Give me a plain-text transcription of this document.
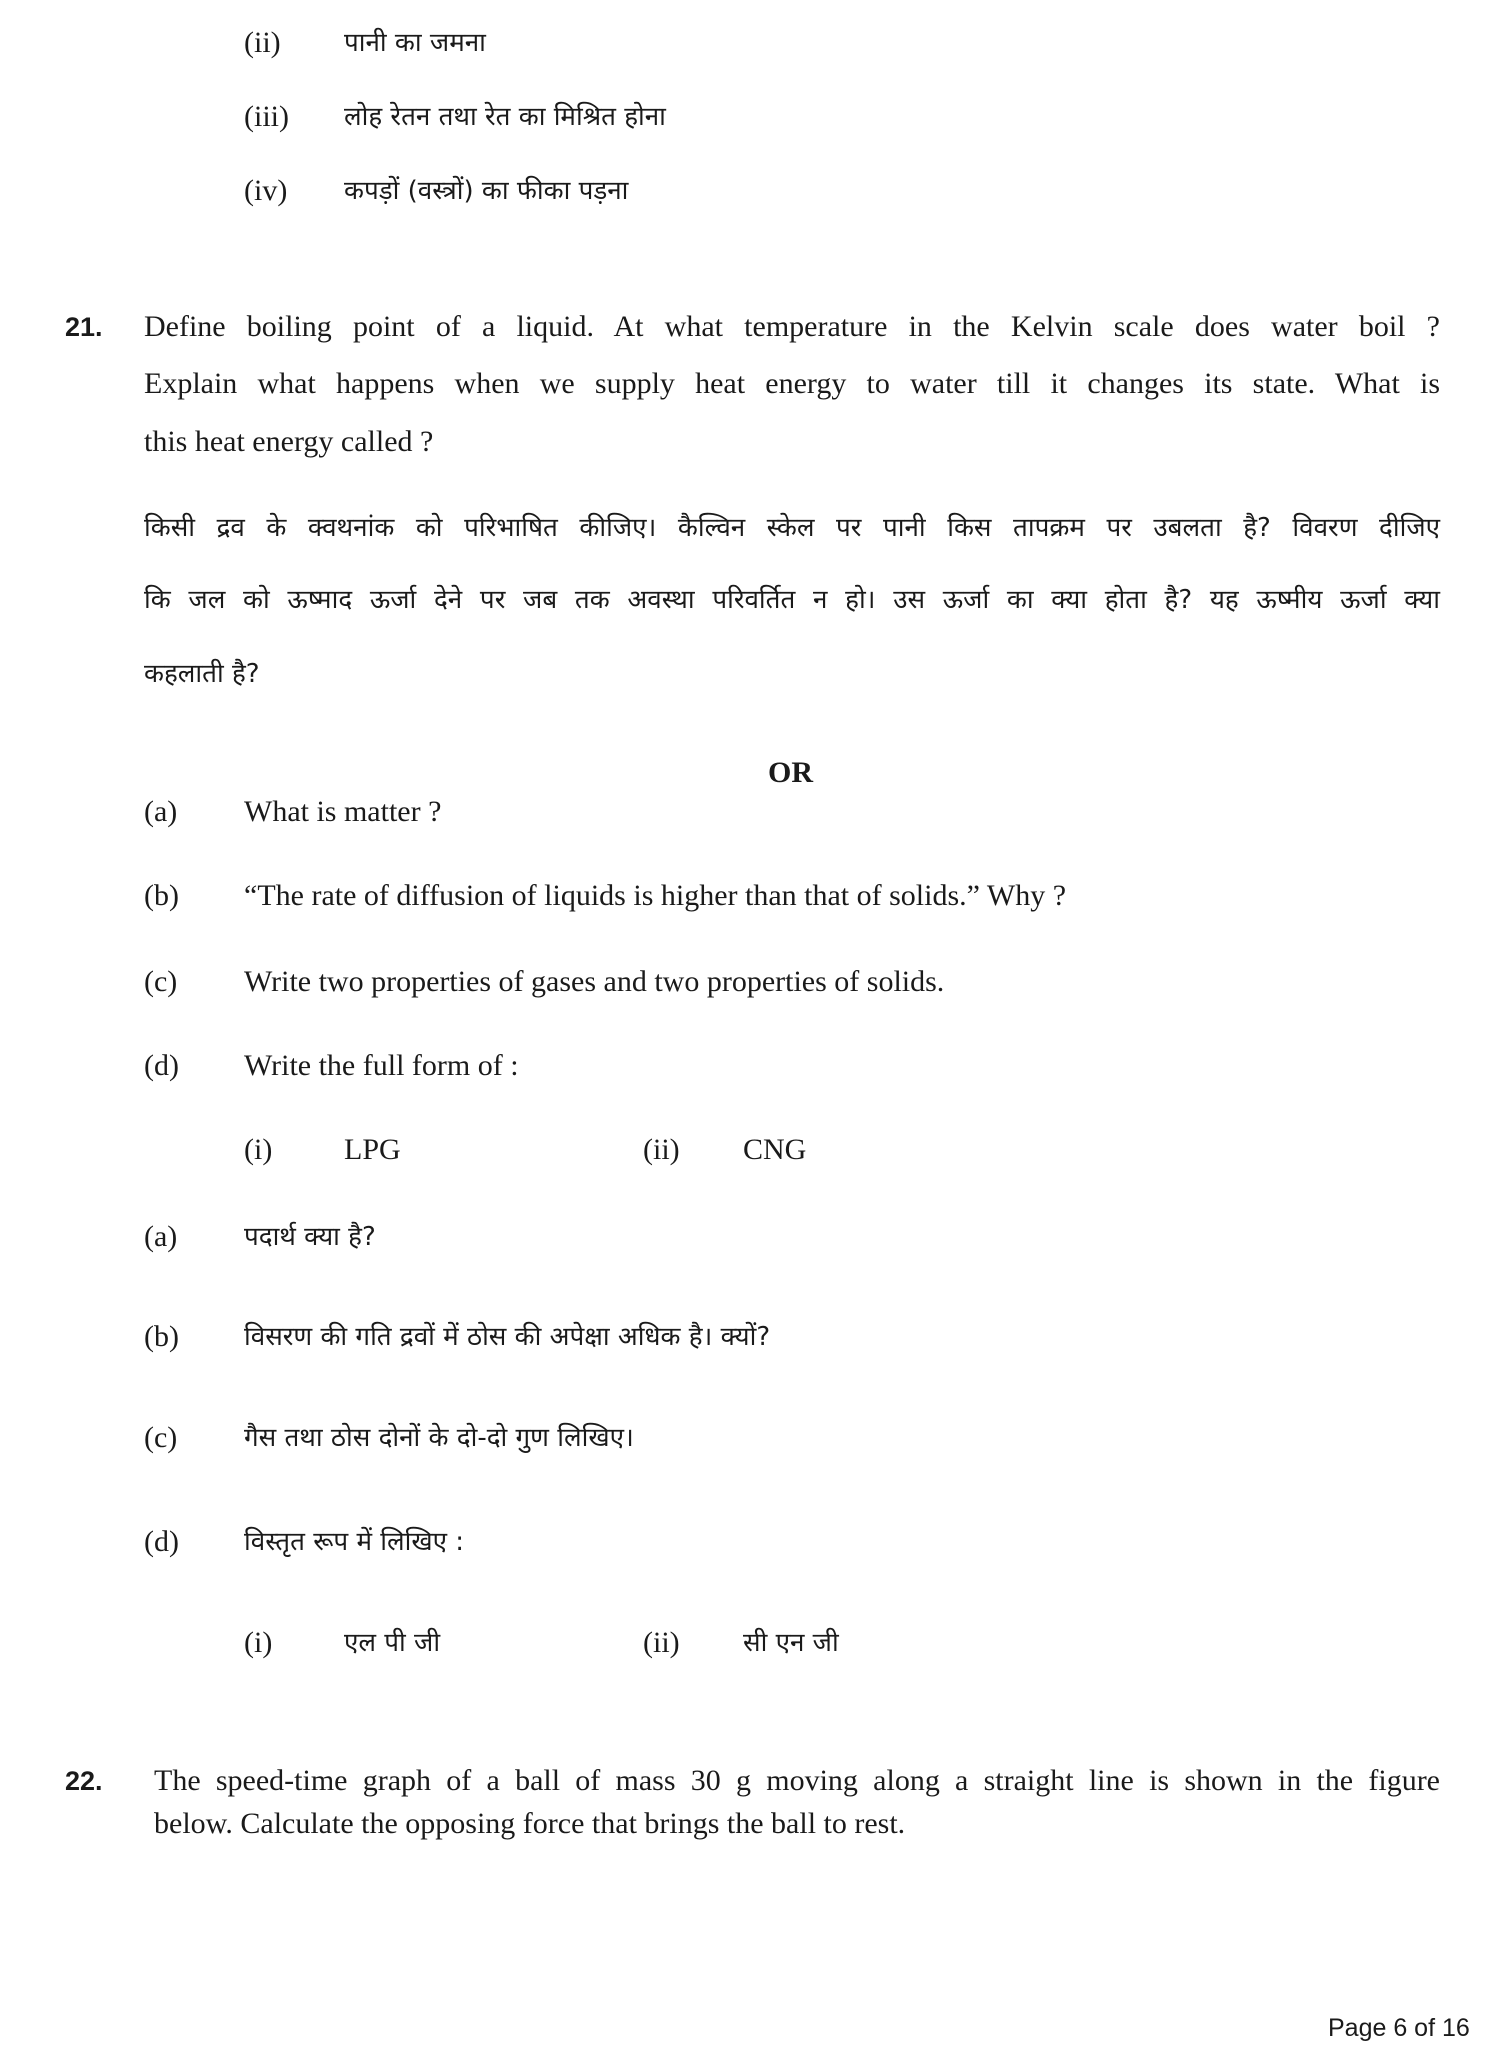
(ii) पानी का जमना
(iii) लोह रेतन तथा रेत का मिश्रित होना
(iv) कपड़ों (वस्त्रों) का फीका पड़ना
21. Define boiling point of a liquid. At what temperature in the Kelvin scale does water boil ?
Explain what happens when we supply heat energy to water till it changes its state. What is
this heat energy called ?
किसी द्रव के क्वथनांक को परिभाषित कीजिए। कैल्विन स्केल पर पानी किस तापक्रम पर उबलता है? विवरण दीजिए
कि जल को ऊष्माद ऊर्जा देने पर जब तक अवस्था परिवर्तित न हो। उस ऊर्जा का क्या होता है? यह ऊष्मीय ऊर्जा क्या
कहलाती है?
OR
(a) What is matter ?
(b) “The rate of diffusion of liquids is higher than that of solids.” Why ?
(c) Write two properties of gases and two properties of solids.
(d) Write the full form of :
(i) LPG	(ii) CNG
(a)	पदार्थ क्या है?
(b)	विसरण की गति द्रवों में ठोस की अपेक्षा अधिक है। क्यों?
(c)	गैस तथा ठोस दोनों के दो-दो गुण लिखिए।
(d)	विस्तृत रूप में लिखिए :
(i)	एल पी जी	(ii) सी एन जी
22. The speed-time graph of a ball of mass 30 g moving along a straight line is shown in the figure
below. Calculate the opposing force that brings the ball to rest.
Page 6 of 16
